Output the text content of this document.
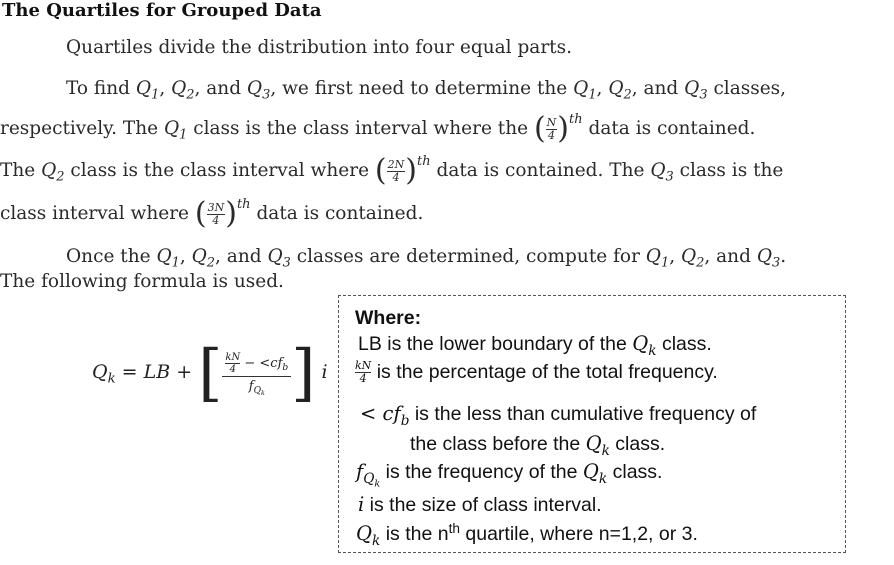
The Quartiles for Grouped Data
Quartiles divide the distribution into four equal parts.
To find $Q_1$, $Q_2$, and $Q_3$, we first need to determine the $Q_1$, $Q_2$, and $Q_3$ classes,
respectively. The $Q_1$ class is the class interval where the ( $\frac{N}{4} )^{th}$ data is contained.
The $Q_2$ class is the class interval where ( $\frac{2N}{4} )^{th}$ data is contained. The $Q_3$ class is the
class interval where ( $\frac{3N}{4} )^{th}$ data is contained.
Once the $Q_1$, $Q_2$, and $Q_3$ classes are determined, compute for $Q_1$, $Q_2$, and $Q_3$.
The following formula is used.
$Q_k$ = LB + [ $\frac{\frac{kN}{4} - <cf_b}{f_{Q_k}}$ ] i
Where:
LB is the lower boundary of the $Q_k$ class.
$\frac{kN}{4}$ is the percentage of the total frequency.
< $cf_b$ is the less than cumulative frequency of
the class before the $Q_k$ class.
$f_{Q_k}$ is the frequency of the $Q_k$ class.
i is the size of class interval.
$Q_k$ is the $n^{th}$ quartile, where n=1,2, or 3.
